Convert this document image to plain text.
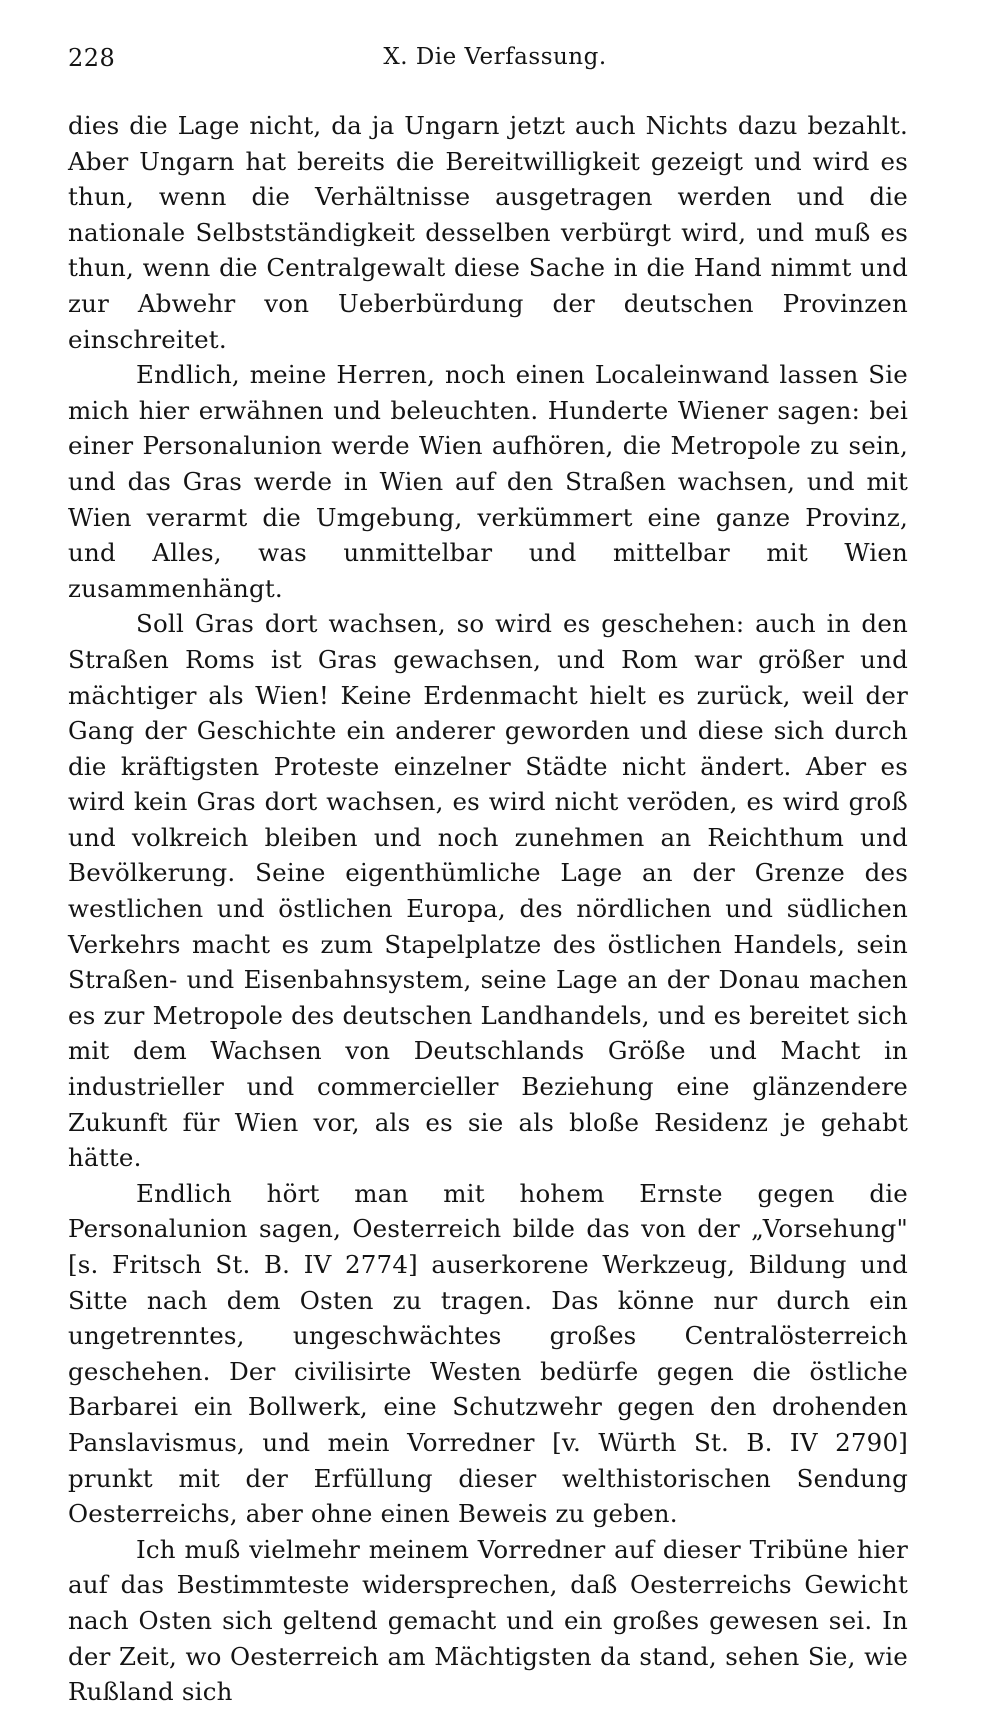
228	X. Die Verfassung.

dies die Lage nicht, da ja Ungarn jetzt auch Nichts dazu bezahlt. Aber Ungarn hat bereits die Bereitwilligkeit gezeigt und wird es thun, wenn die Verhältnisse ausgetragen werden und die nationale Selbstständigkeit desselben verbürgt wird, und muß es thun, wenn die Centralgewalt diese Sache in die Hand nimmt und zur Abwehr von Ueberbürdung der deutschen Provinzen einschreitet.

Endlich, meine Herren, noch einen Localeinwand lassen Sie mich hier erwähnen und beleuchten. Hunderte Wiener sagen: bei einer Personalunion werde Wien aufhören, die Metropole zu sein, und das Gras werde in Wien auf den Straßen wachsen, und mit Wien verarmt die Umgebung, verkümmert eine ganze Provinz, und Alles, was unmittelbar und mittelbar mit Wien zusammenhängt.

Soll Gras dort wachsen, so wird es geschehen: auch in den Straßen Roms ist Gras gewachsen, und Rom war größer und mächtiger als Wien! Keine Erdenmacht hielt es zurück, weil der Gang der Geschichte ein anderer geworden und diese sich durch die kräftigsten Proteste einzelner Städte nicht ändert. Aber es wird kein Gras dort wachsen, es wird nicht veröden, es wird groß und volkreich bleiben und noch zunehmen an Reichthum und Bevölkerung. Seine eigenthümliche Lage an der Grenze des westlichen und östlichen Europa, des nördlichen und südlichen Verkehrs macht es zum Stapelplatze des östlichen Handels, sein Straßen- und Eisenbahnsystem, seine Lage an der Donau machen es zur Metropole des deutschen Landhandels, und es bereitet sich mit dem Wachsen von Deutschlands Größe und Macht in industrieller und commercieller Beziehung eine glänzendere Zukunft für Wien vor, als es sie als bloße Residenz je gehabt hätte.

Endlich hört man mit hohem Ernste gegen die Personalunion sagen, Oesterreich bilde das von der „Vorsehung" [s. Fritsch St. B. IV 2774] auserkorene Werkzeug, Bildung und Sitte nach dem Osten zu tragen. Das könne nur durch ein ungetrenntes, ungeschwächtes großes Centralösterreich geschehen. Der civilisirte Westen bedürfe gegen die östliche Barbarei ein Bollwerk, eine Schutzwehr gegen den drohenden Panslavismus, und mein Vorredner [v. Würth St. B. IV 2790] prunkt mit der Erfüllung dieser welthistorischen Sendung Oesterreichs, aber ohne einen Beweis zu geben.

Ich muß vielmehr meinem Vorredner auf dieser Tribüne hier auf das Bestimmteste widersprechen, daß Oesterreichs Gewicht nach Osten sich geltend gemacht und ein großes gewesen sei. In der Zeit, wo Oesterreich am Mächtigsten da stand, sehen Sie, wie Rußland sich
